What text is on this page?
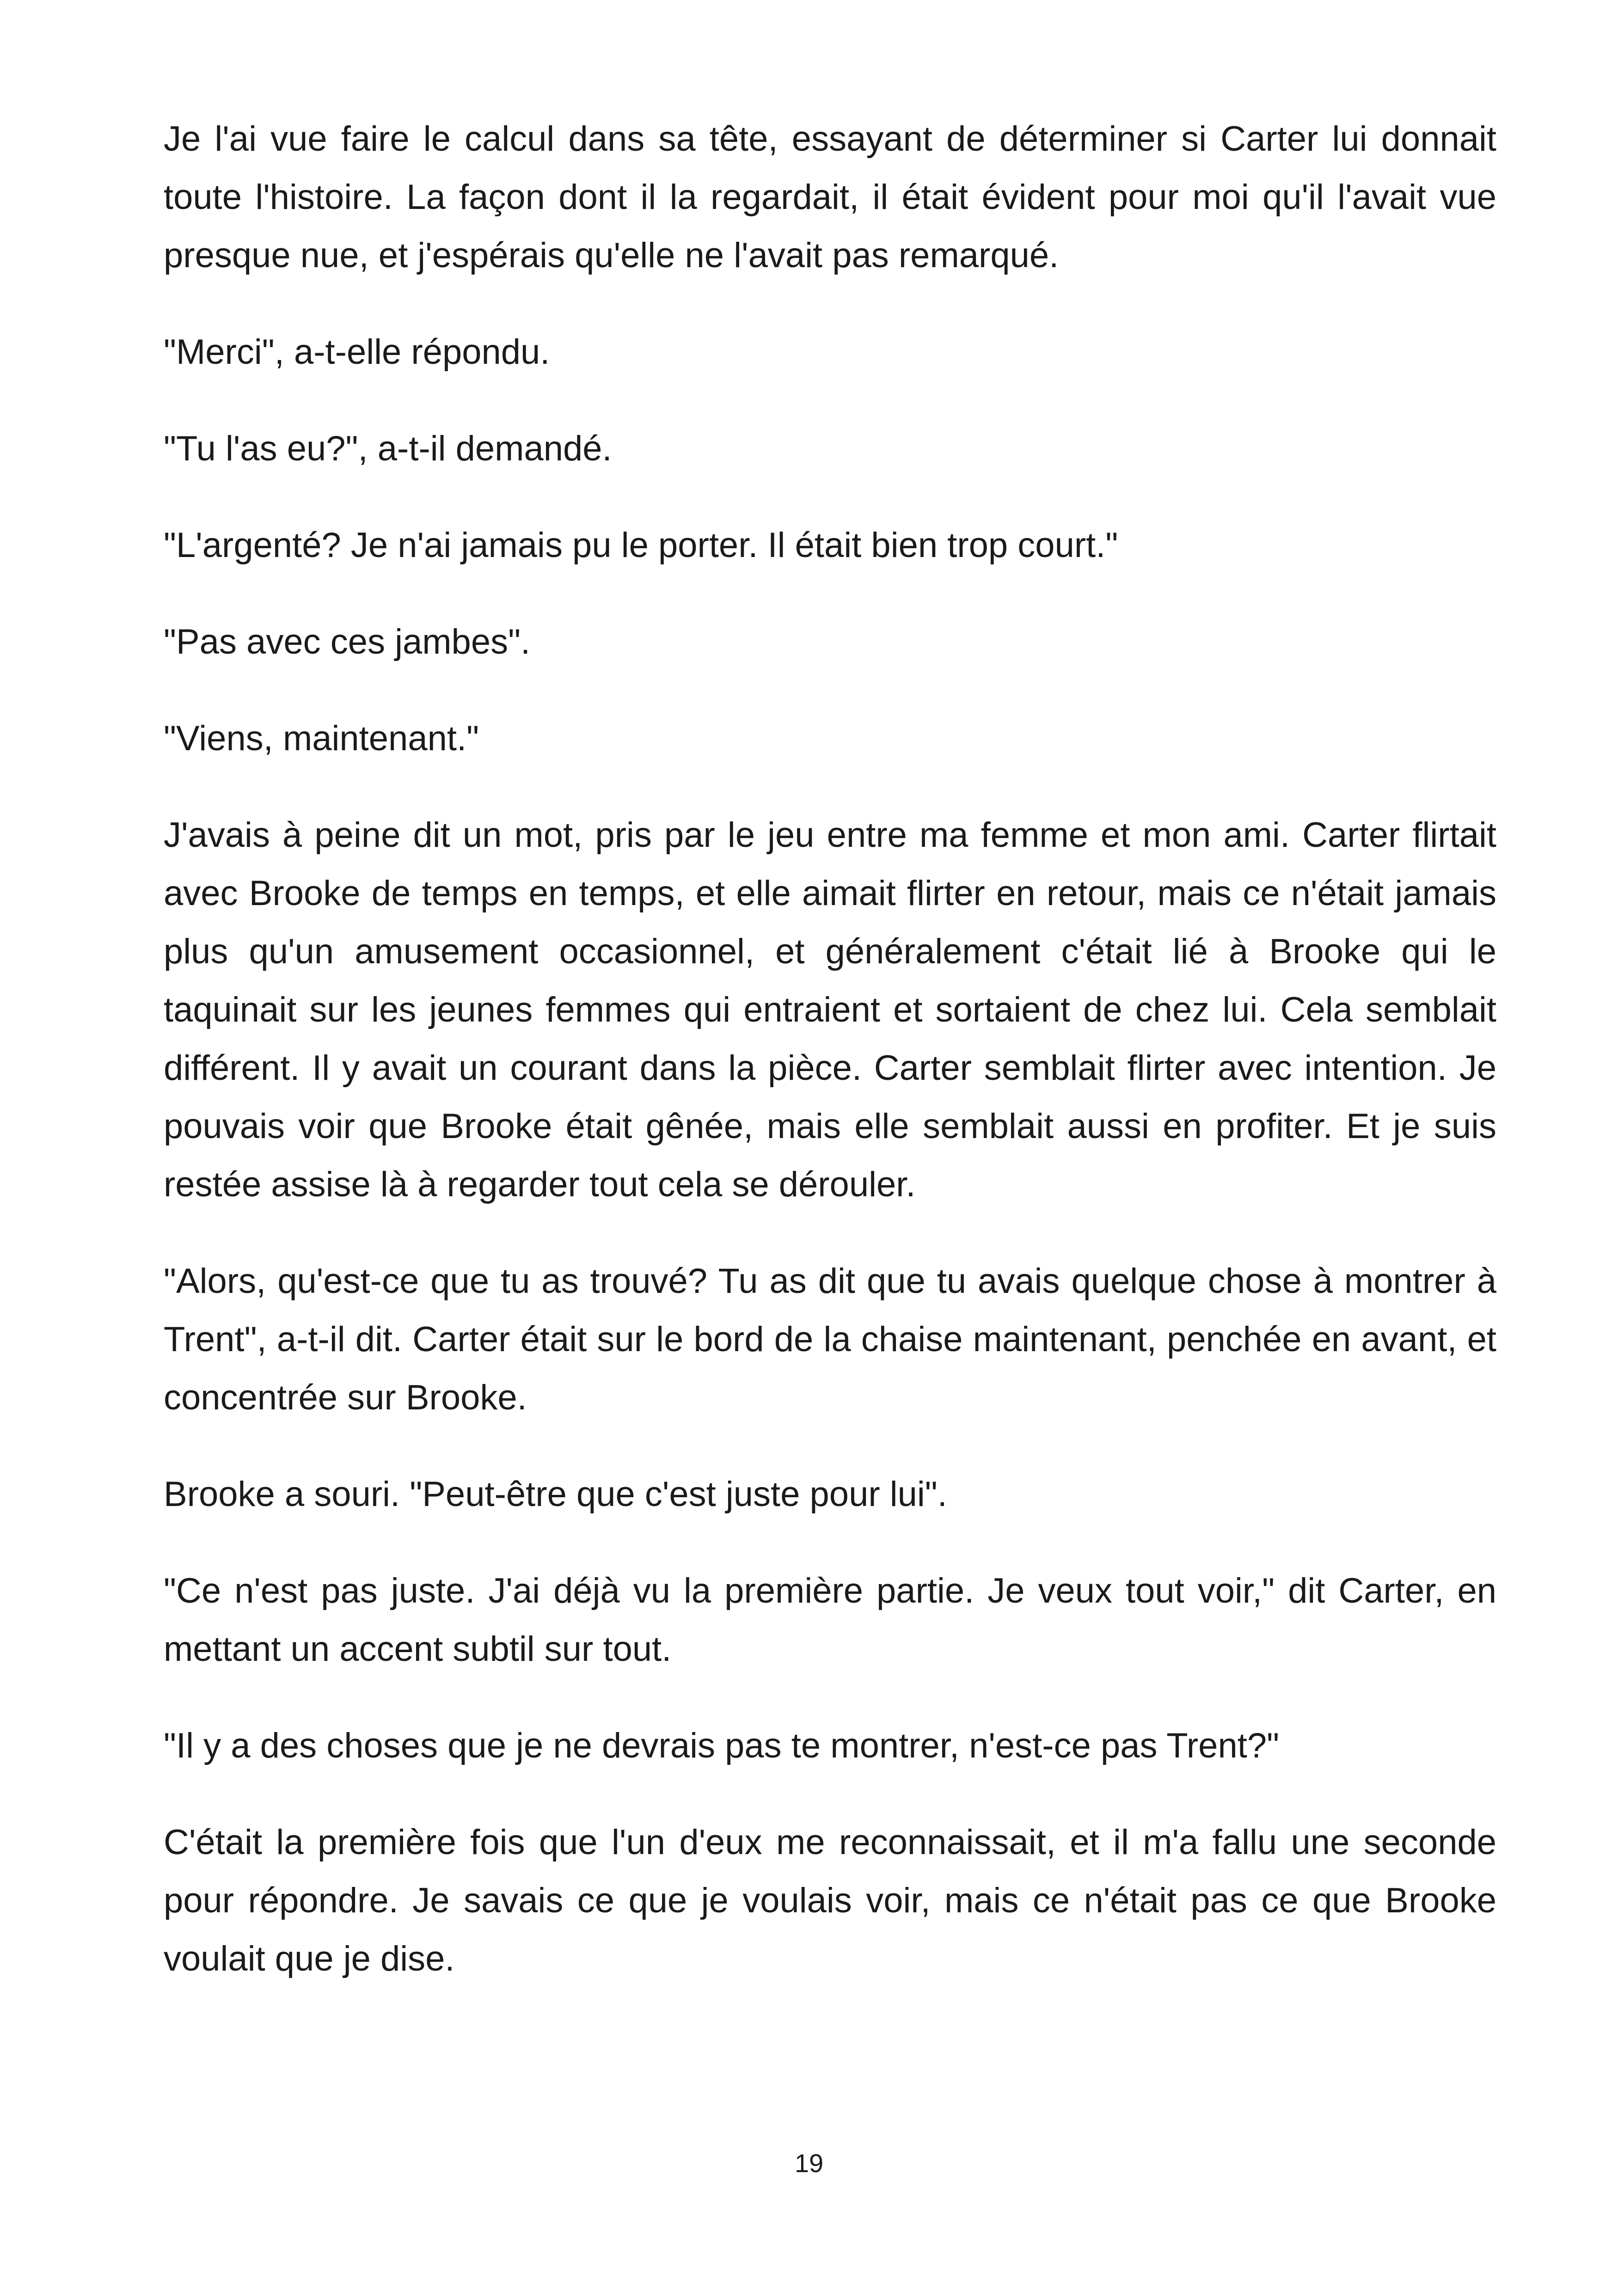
Je l'ai vue faire le calcul dans sa tête, essayant de déterminer si Carter lui donnait toute l'histoire. La façon dont il la regardait, il était évident pour moi qu'il l'avait vue presque nue, et j'espérais qu'elle ne l'avait pas remarqué.

"Merci", a-t-elle répondu.

"Tu l'as eu?", a-t-il demandé.

"L'argenté? Je n'ai jamais pu le porter. Il était bien trop court."

"Pas avec ces jambes".

"Viens, maintenant."

J'avais à peine dit un mot, pris par le jeu entre ma femme et mon ami. Carter flirtait avec Brooke de temps en temps, et elle aimait flirter en retour, mais ce n'était jamais plus qu'un amusement occasionnel, et généralement c'était lié à Brooke qui le taquinait sur les jeunes femmes qui entraient et sortaient de chez lui. Cela semblait différent. Il y avait un courant dans la pièce. Carter semblait flirter avec intention. Je pouvais voir que Brooke était gênée, mais elle semblait aussi en profiter. Et je suis restée assise là à regarder tout cela se dérouler.

"Alors, qu'est-ce que tu as trouvé? Tu as dit que tu avais quelque chose à montrer à Trent", a-t-il dit. Carter était sur le bord de la chaise maintenant, penchée en avant, et concentrée sur Brooke.

Brooke a souri. "Peut-être que c'est juste pour lui".

"Ce n'est pas juste. J'ai déjà vu la première partie. Je veux tout voir," dit Carter, en mettant un accent subtil sur tout.

"Il y a des choses que je ne devrais pas te montrer, n'est-ce pas Trent?"

C'était la première fois que l'un d'eux me reconnaissait, et il m'a fallu une seconde pour répondre. Je savais ce que je voulais voir, mais ce n'était pas ce que Brooke voulait que je dise.

19
